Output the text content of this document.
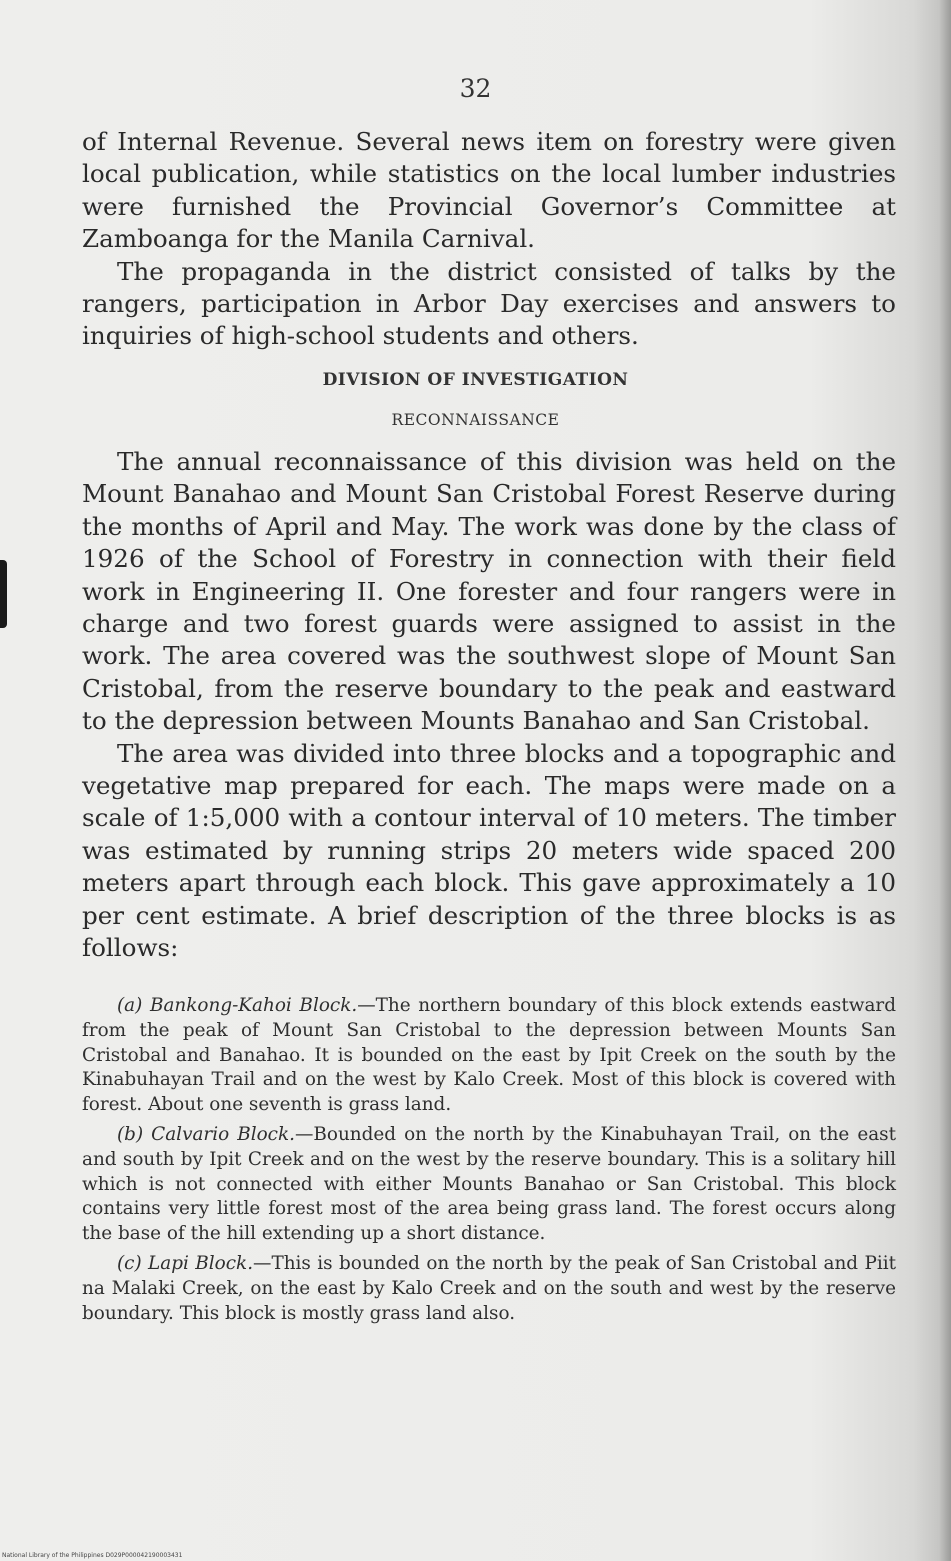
32

of Internal Revenue. Several news item on forestry were given local publication, while statistics on the local lumber industries were furnished the Provincial Governor’s Committee at Zamboanga for the Manila Carnival.

The propaganda in the district consisted of talks by the rangers, participation in Arbor Day exercises and answers to inquiries of high-school students and others.

DIVISION OF INVESTIGATION
RECONNAISSANCE

The annual reconnaissance of this division was held on the Mount Banahao and Mount San Cristobal Forest Reserve during the months of April and May. The work was done by the class of 1926 of the School of Forestry in connection with their field work in Engineering II. One forester and four rangers were in charge and two forest guards were assigned to assist in the work. The area covered was the southwest slope of Mount San Cristobal, from the reserve boundary to the peak and eastward to the depression between Mounts Banahao and San Cristobal.

The area was divided into three blocks and a topographic and vegetative map prepared for each. The maps were made on a scale of 1:5,000 with a contour interval of 10 meters. The timber was estimated by running strips 20 meters wide spaced 200 meters apart through each block. This gave approximately a 10 per cent estimate. A brief description of the three blocks is as follows:

(a) Bankong-Kahoi Block.—The northern boundary of this block extends eastward from the peak of Mount San Cristobal to the depression between Mounts San Cristobal and Banahao. It is bounded on the east by Ipit Creek on the south by the Kinabuhayan Trail and on the west by Kalo Creek. Most of this block is covered with forest. About one seventh is grass land.

(b) Calvario Block.—Bounded on the north by the Kinabuhayan Trail, on the east and south by Ipit Creek and on the west by the reserve boundary. This is a solitary hill which is not connected with either Mounts Banahao or San Cristobal. This block contains very little forest most of the area being grass land. The forest occurs along the base of the hill extending up a short distance.

(c) Lapi Block.—This is bounded on the north by the peak of San Cristobal and Piit na Malaki Creek, on the east by Kalo Creek and on the south and west by the reserve boundary. This block is mostly grass land also.

National Library of the Philippines D029P000042190003431
